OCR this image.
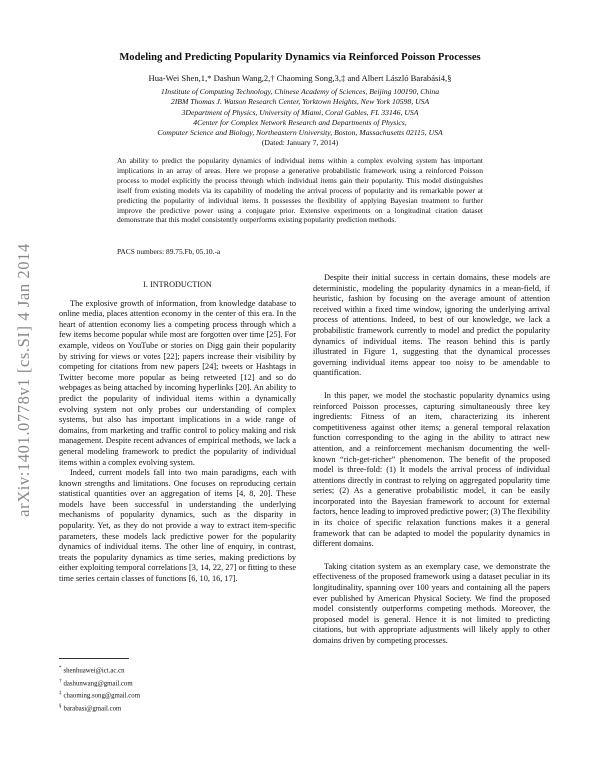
arXiv:1401.0778v1 [cs.SI] 4 Jan 2014
Modeling and Predicting Popularity Dynamics via Reinforced Poisson Processes
Hua-Wei Shen,1,* Dashun Wang,2,† Chaoming Song,3,‡ and Albert László Barabási4,§
1Institute of Computing Technology, Chinese Academy of Sciences, Beijing 100190, China
2IBM Thomas J. Watson Research Center, Yorktown Heights, New York 10598, USA
3Department of Physics, University of Miami, Coral Gables, FL 33146, USA
4Center for Complex Network Research and Departments of Physics,
Computer Science and Biology, Northeastern University, Boston, Massachusetts 02115, USA
(Dated: January 7, 2014)
An ability to predict the popularity dynamics of individual items within a complex evolving system has important implications in an array of areas. Here we propose a generative probabilistic framework using a reinforced Poisson process to model explicitly the process through which individual items gain their popularity. This model distinguishes itself from existing models via its capability of modeling the arrival process of popularity and its remarkable power at predicting the popularity of individual items. It possesses the flexibility of applying Bayesian treatment to further improve the predictive power using a conjugate prior. Extensive experiments on a longitudinal citation dataset demonstrate that this model consistently outperforms existing popularity prediction methods.
PACS numbers: 89.75.Fb, 05.10.-a

I. INTRODUCTION

The explosive growth of information, from knowledge database to online media, places attention economy in the center of this era. In the heart of attention economy lies a competing process through which a few items become popular while most are forgotten over time [25]. For example, videos on YouTube or stories on Digg gain their popularity by striving for views or votes [22]; papers increase their visibility by competing for citations from new papers [24]; tweets or Hashtags in Twitter become more popular as being retweeted [12] and so do webpages as being attached by incoming hyperlinks [20]. An ability to predict the popularity of individual items within a dynamically evolving system not only probes our understanding of complex systems, but also has important implications in a wide range of domains, from marketing and traffic control to policy making and risk management. Despite recent advances of empirical methods, we lack a general modeling framework to predict the popularity of individual items within a complex evolving system.

Indeed, current models fall into two main paradigms, each with known strengths and limitations. One focuses on reproducing certain statistical quantities over an aggregation of items [4, 8, 20]. These models have been successful in understanding the underlying mechanisms of popularity dynamics, such as the disparity in popularity. Yet, as they do not provide a way to extract item-specific parameters, these models lack predictive power for the popularity dynamics of individual items. The other line of enquiry, in contrast, treats the popularity dynamics as time series, making predictions by either exploiting temporal correlations [3, 14, 22, 27] or fitting to these time series certain classes of functions [6, 10, 16, 17].

Despite their initial success in certain domains, these models are deterministic, modeling the popularity dynamics in a mean-field, if heuristic, fashion by focusing on the average amount of attention received within a fixed time window, ignoring the underlying arrival process of attentions. Indeed, to best of our knowledge, we lack a probabilistic framework currently to model and predict the popularity dynamics of individual items. The reason behind this is partly illustrated in Figure 1, suggesting that the dynamical processes governing individual items appear too noisy to be amendable to quantification.

In this paper, we model the stochastic popularity dynamics using reinforced Poisson processes, capturing simultaneously three key ingredients: Fitness of an item, characterizing its inherent competitiveness against other items; a general temporal relaxation function corresponding to the aging in the ability to attract new attention, and a reinforcement mechanism documenting the well-known “rich-get-richer” phenomenon. The benefit of the proposed model is three-fold: (1) It models the arrival process of individual attentions directly in contrast to relying on aggregated popularity time series; (2) As a generative probabilistic model, it can be easily incorporated into the Bayesian framework to account for external factors, hence leading to improved predictive power; (3) The flexibility in its choice of specific relaxation functions makes it a general framework that can be adapted to model the popularity dynamics in different domains.

Taking citation system as an exemplary case, we demonstrate the effectiveness of the proposed framework using a dataset peculiar in its longitudinality, spanning over 100 years and containing all the papers ever published by American Physical Society. We find the proposed model consistently outperforms competing methods. Moreover, the proposed model is general. Hence it is not limited to predicting citations, but with appropriate adjustments will likely apply to other domains driven by competing processes.

* shenhuawei@ict.ac.cn
† dashunwang@gmail.com
‡ chaoming.song@gmail.com
§ barabasi@gmail.com
